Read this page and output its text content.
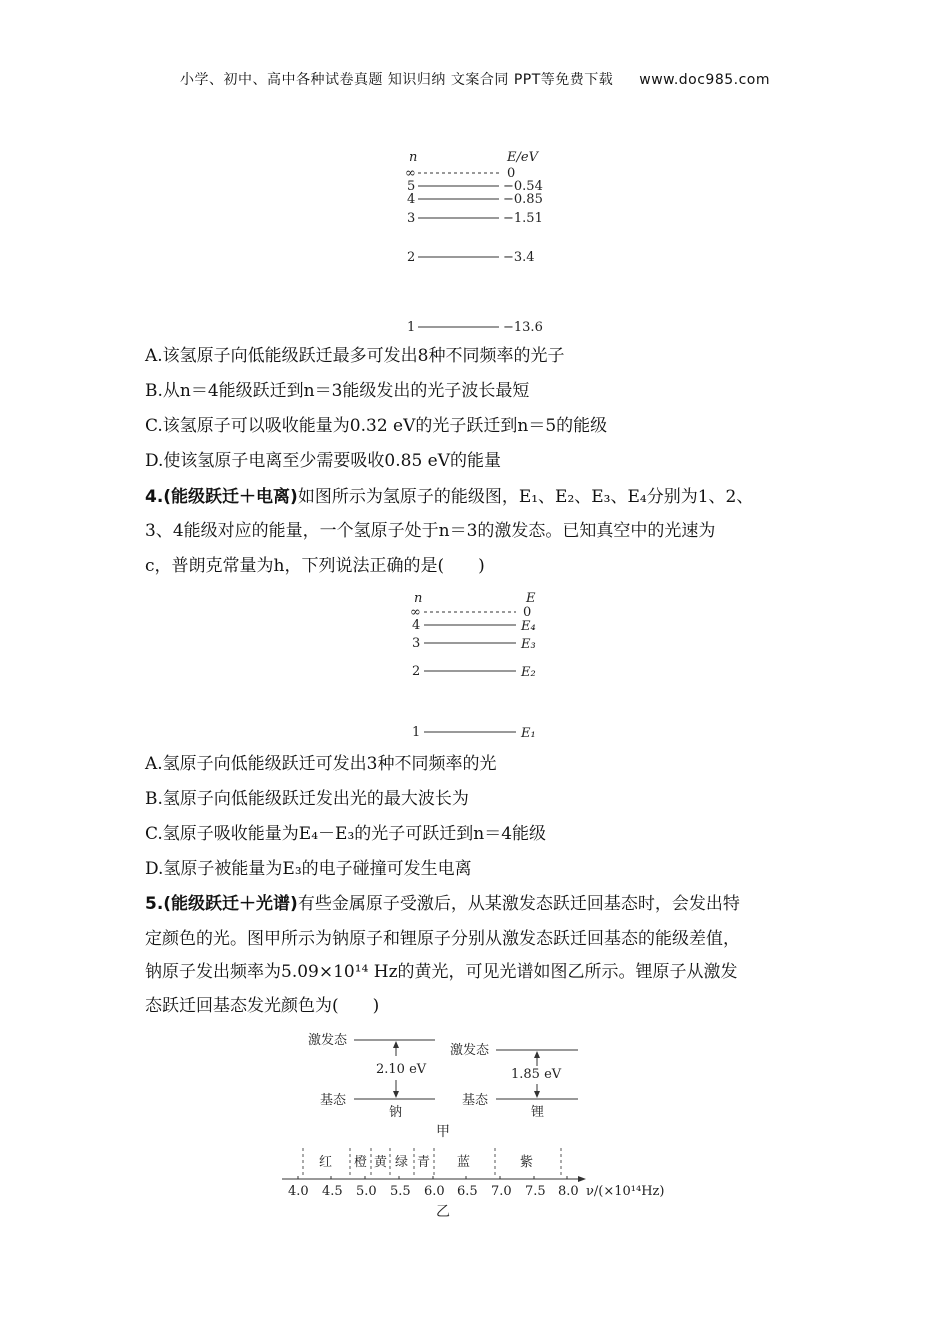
小学、初中、高中各种试卷真题 知识归纳 文案合同 PPT等免费下载 www.doc985.com
n	E/eV
∞	0
5	−0.54
4	−0.85
3	−1.51
2	−3.4
1	−13.6
A.该氢原子向低能级跃迁最多可发出8种不同频率的光子
B.从n＝4能级跃迁到n＝3能级发出的光子波长最短
C.该氢原子可以吸收能量为0.32 eV的光子跃迁到n＝5的能级
D.使该氢原子电离至少需要吸收0.85 eV的能量
4.(能级跃迁＋电离)如图所示为氢原子的能级图，E₁、E₂、E₃、E₄分别为1、2、
3、4能级对应的能量，一个氢原子处于n＝3的激发态。已知真空中的光速为
c，普朗克常量为h，下列说法正确的是(　　)
n	E
∞	0
4	E₄
3	E₃
2	E₂
1	E₁
A.氢原子向低能级跃迁可发出3种不同频率的光
B.氢原子向低能级跃迁发出光的最大波长为
C.氢原子吸收能量为E₄－E₃的光子可跃迁到n＝4能级
D.氢原子被能量为E₃的电子碰撞可发生电离
5.(能级跃迁＋光谱)有些金属原子受激后，从某激发态跃迁回基态时，会发出特
定颜色的光。图甲所示为钠原子和锂原子分别从激发态跃迁回基态的能级差值，
钠原子发出频率为5.09×10¹⁴ Hz的黄光，可见光谱如图乙所示。锂原子从激发
态跃迁回基态发光颜色为(　　)
激发态
2.10 eV
基态
钠
激发态
1.85 eV
基态
锂
甲
红 橙 黄 绿 青 蓝	紫
4.0 4.5 5.0 5.5 6.0 6.5 7.0 7.5 8.0 ν/(×10¹⁴Hz)
乙
